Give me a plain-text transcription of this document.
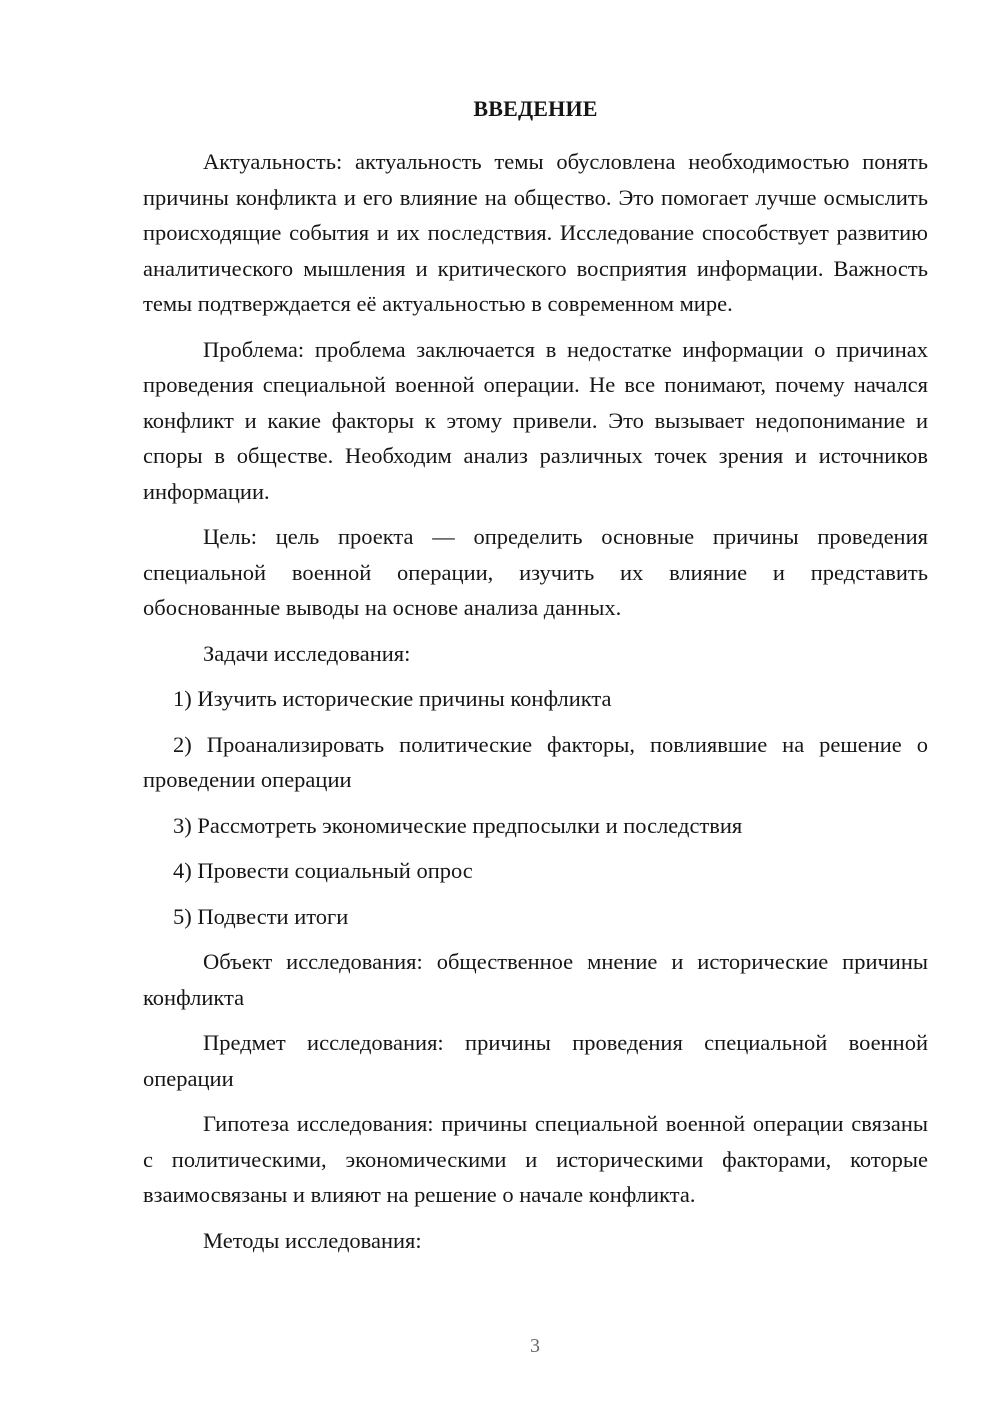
ВВЕДЕНИЕ

Актуальность: актуальность темы обусловлена необходимостью понять причины конфликта и его влияние на общество. Это помогает лучше осмыслить происходящие события и их последствия. Исследование способствует развитию аналитического мышления и критического восприятия информации. Важность темы подтверждается её актуальностью в современном мире.

Проблема: проблема заключается в недостатке информации о причинах проведения специальной военной операции. Не все понимают, почему начался конфликт и какие факторы к этому привели. Это вызывает недопонимание и споры в обществе. Необходим анализ различных точек зрения и источников информации.

Цель: цель проекта — определить основные причины проведения специальной военной операции, изучить их влияние и представить обоснованные выводы на основе анализа данных.

Задачи исследования:

1) Изучить исторические причины конфликта

2) Проанализировать политические факторы, повлиявшие на решение о проведении операции

3) Рассмотреть экономические предпосылки и последствия

4) Провести социальный опрос

5) Подвести итоги

Объект исследования: общественное мнение и исторические причины конфликта

Предмет исследования: причины проведения специальной военной операции

Гипотеза исследования: причины специальной военной операции связаны с политическими, экономическими и историческими факторами, которые взаимосвязаны и влияют на решение о начале конфликта.

Методы исследования:

3
